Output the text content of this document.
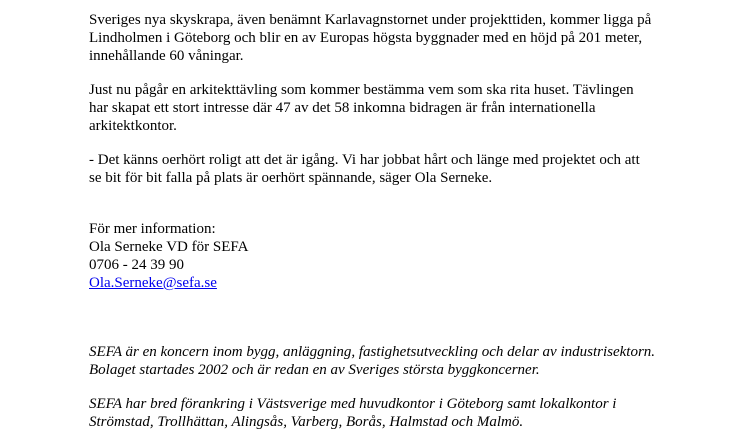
Sveriges nya skyskrapa, även benämnt Karlavagnstornet under projekttiden, kommer ligga på
Lindholmen i Göteborg och blir en av Europas högsta byggnader med en höjd på 201 meter,
innehållande 60 våningar.
Just nu pågår en arkitekttävling som kommer bestämma vem som ska rita huset. Tävlingen
har skapat ett stort intresse där 47 av det 58 inkomna bidragen är från internationella
arkitektkontor.
- Det känns oerhört roligt att det är igång. Vi har jobbat hårt och länge med projektet och att
se bit för bit falla på plats är oerhört spännande, säger Ola Serneke.
För mer information:
Ola Serneke VD för SEFA
0706 - 24 39 90
Ola.Serneke@sefa.se
SEFA är en koncern inom bygg, anläggning, fastighetsutveckling och delar av industrisektorn.
Bolaget startades 2002 och är redan en av Sveriges största byggkoncerner.
SEFA har bred förankring i Västsverige med huvudkontor i Göteborg samt lokalkontor i
Strömstad, Trollhättan, Alingsås, Varberg, Borås, Halmstad och Malmö.
